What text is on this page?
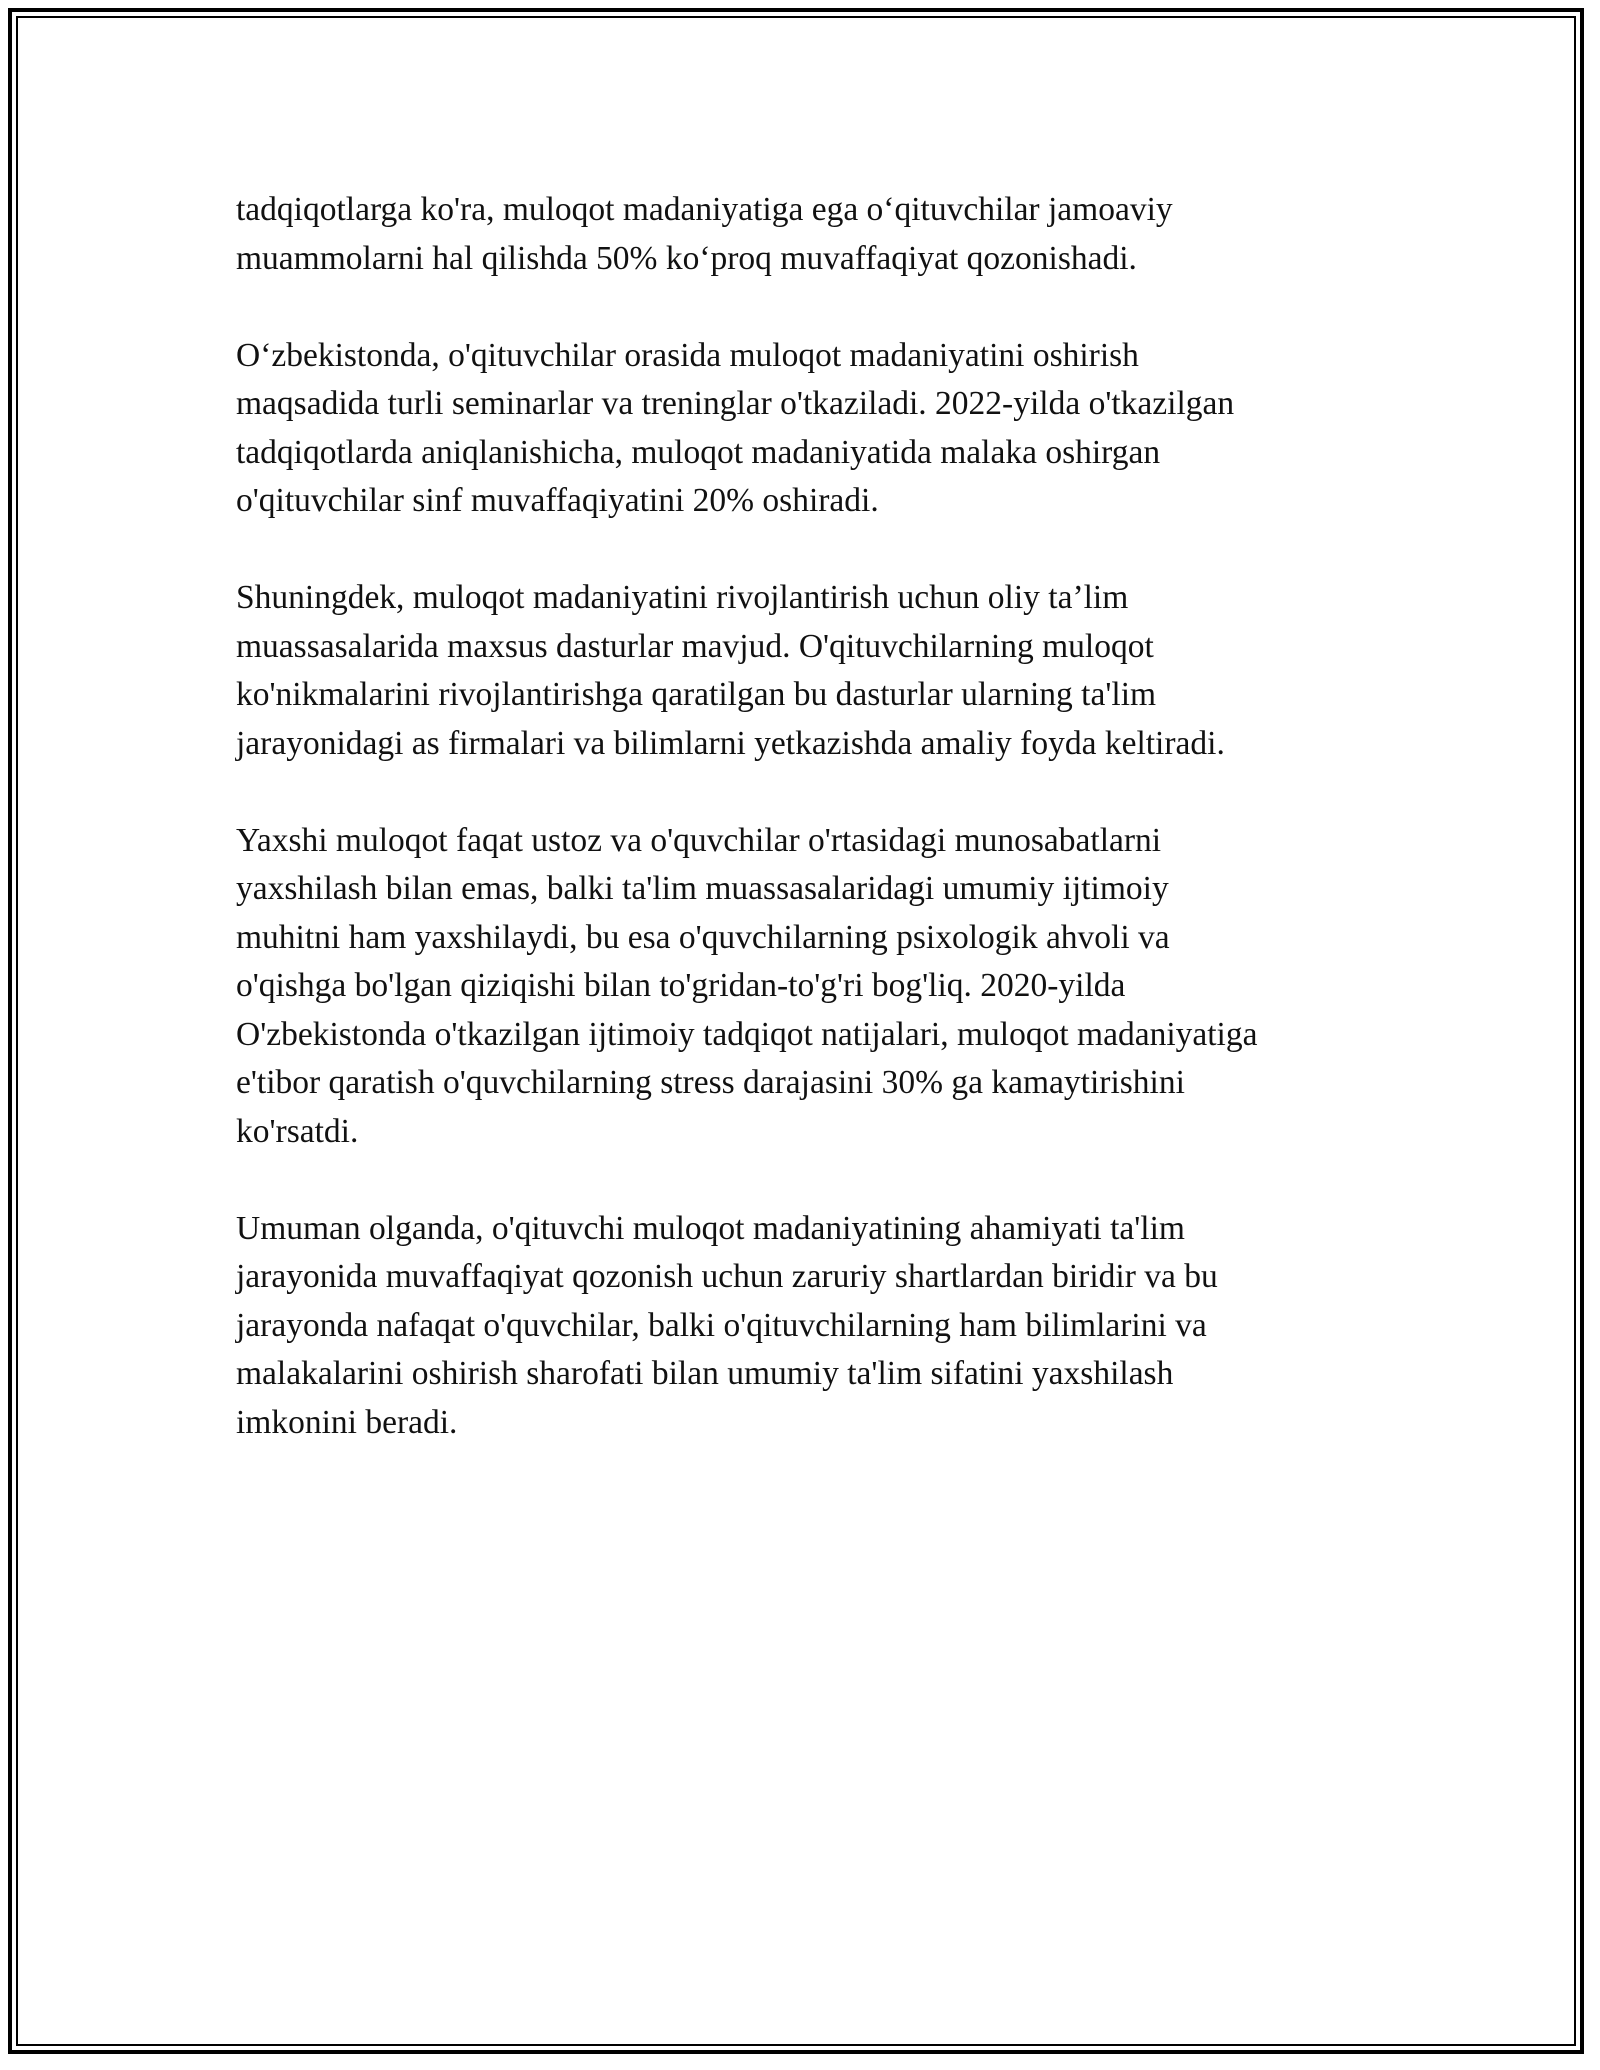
tadqiqotlarga ko'ra, muloqot madaniyatiga ega o‘qituvchilar jamoaviy
muammolarni hal qilishda 50% ko‘proq muvaffaqiyat qozonishadi.

O‘zbekistonda, o'qituvchilar orasida muloqot madaniyatini oshirish
maqsadida turli seminarlar va treninglar o'tkaziladi. 2022-yilda o'tkazilgan
tadqiqotlarda aniqlanishicha, muloqot madaniyatida malaka oshirgan
o'qituvchilar sinf muvaffaqiyatini 20% oshiradi.

Shuningdek, muloqot madaniyatini rivojlantirish uchun oliy ta’lim
muassasalarida maxsus dasturlar mavjud. O'qituvchilarning muloqot
ko'nikmalarini rivojlantirishga qaratilgan bu dasturlar ularning ta'lim
jarayonidagi as firmalari va bilimlarni yetkazishda amaliy foyda keltiradi.

Yaxshi muloqot faqat ustoz va o'quvchilar o'rtasidagi munosabatlarni
yaxshilash bilan emas, balki ta'lim muassasalaridagi umumiy ijtimoiy
muhitni ham yaxshilaydi, bu esa o'quvchilarning psixologik ahvoli va
o'qishga bo'lgan qiziqishi bilan to'gridan-to'g'ri bog'liq. 2020-yilda
O'zbekistonda o'tkazilgan ijtimoiy tadqiqot natijalari, muloqot madaniyatiga
e'tibor qaratish o'quvchilarning stress darajasini 30% ga kamaytirishini
ko'rsatdi.

Umuman olganda, o'qituvchi muloqot madaniyatining ahamiyati ta'lim
jarayonida muvaffaqiyat qozonish uchun zaruriy shartlardan biridir va bu
jarayonda nafaqat o'quvchilar, balki o'qituvchilarning ham bilimlarini va
malakalarini oshirish sharofati bilan umumiy ta'lim sifatini yaxshilash
imkonini beradi.
